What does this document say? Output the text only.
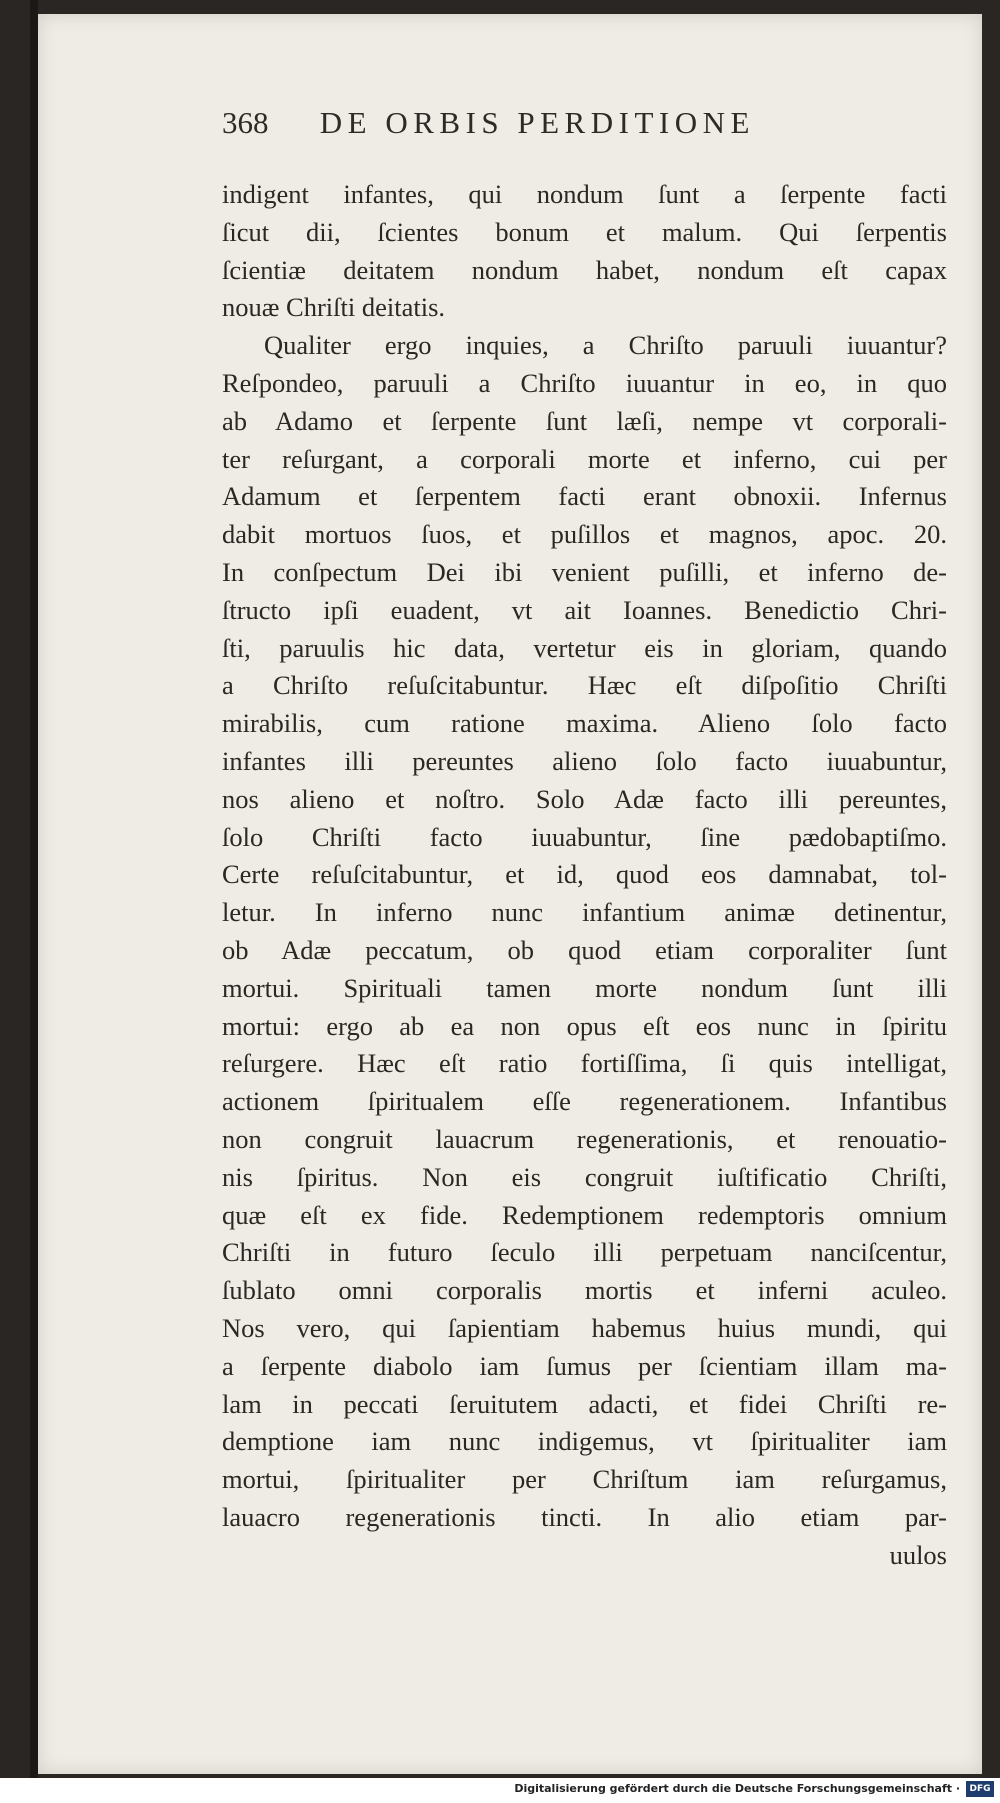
368 DE ORBIS PERDITIONE
indigent infantes, qui nondum ſunt a ſerpente facti
ſicut dii, ſcientes bonum et malum. Qui ſerpentis
ſcientiæ deitatem nondum habet, nondum eſt capax
nouæ Chriſti deitatis.
Qualiter ergo inquies, a Chriſto paruuli iuuantur?
Reſpondeo, paruuli a Chriſto iuuantur in eo, in quo
ab Adamo et ſerpente ſunt læſi, nempe vt corporali-
ter reſurgant, a corporali morte et inferno, cui per
Adamum et ſerpentem facti erant obnoxii. Infernus
dabit mortuos ſuos, et puſillos et magnos, apoc. 20.
In conſpectum Dei ibi venient puſilli, et inferno de-
ſtructo ipſi euadent, vt ait Ioannes. Benedictio Chri-
ſti, paruulis hic data, vertetur eis in gloriam, quando
a Chriſto reſuſcitabuntur. Hæc eſt diſpoſitio Chriſti
mirabilis, cum ratione maxima. Alieno ſolo facto
infantes illi pereuntes alieno ſolo facto iuuabuntur,
nos alieno et noſtro. Solo Adæ facto illi pereuntes,
ſolo Chriſti facto iuuabuntur, ſine pædobaptiſmo.
Certe reſuſcitabuntur, et id, quod eos damnabat, tol-
letur. In inferno nunc infantium animæ detinentur,
ob Adæ peccatum, ob quod etiam corporaliter ſunt
mortui. Spirituali tamen morte nondum ſunt illi
mortui: ergo ab ea non opus eſt eos nunc in ſpiritu
reſurgere. Hæc eſt ratio fortiſſima, ſi quis intelligat,
actionem ſpiritualem eſſe regenerationem. Infantibus
non congruit lauacrum regenerationis, et renouatio-
nis ſpiritus. Non eis congruit iuſtificatio Chriſti,
quæ eſt ex fide. Redemptionem redemptoris omnium
Chriſti in futuro ſeculo illi perpetuam nanciſcentur,
ſublato omni corporalis mortis et inferni aculeo.
Nos vero, qui ſapientiam habemus huius mundi, qui
a ſerpente diabolo iam ſumus per ſcientiam illam ma-
lam in peccati ſeruitutem adacti, et fidei Chriſti re-
demptione iam nunc indigemus, vt ſpiritualiter iam
mortui, ſpiritualiter per Chriſtum iam reſurgamus,
lauacro regenerationis tincti. In alio etiam par-
uulos
Digitalisierung gefördert durch die Deutsche Forschungsgemeinschaft ·	DFG
